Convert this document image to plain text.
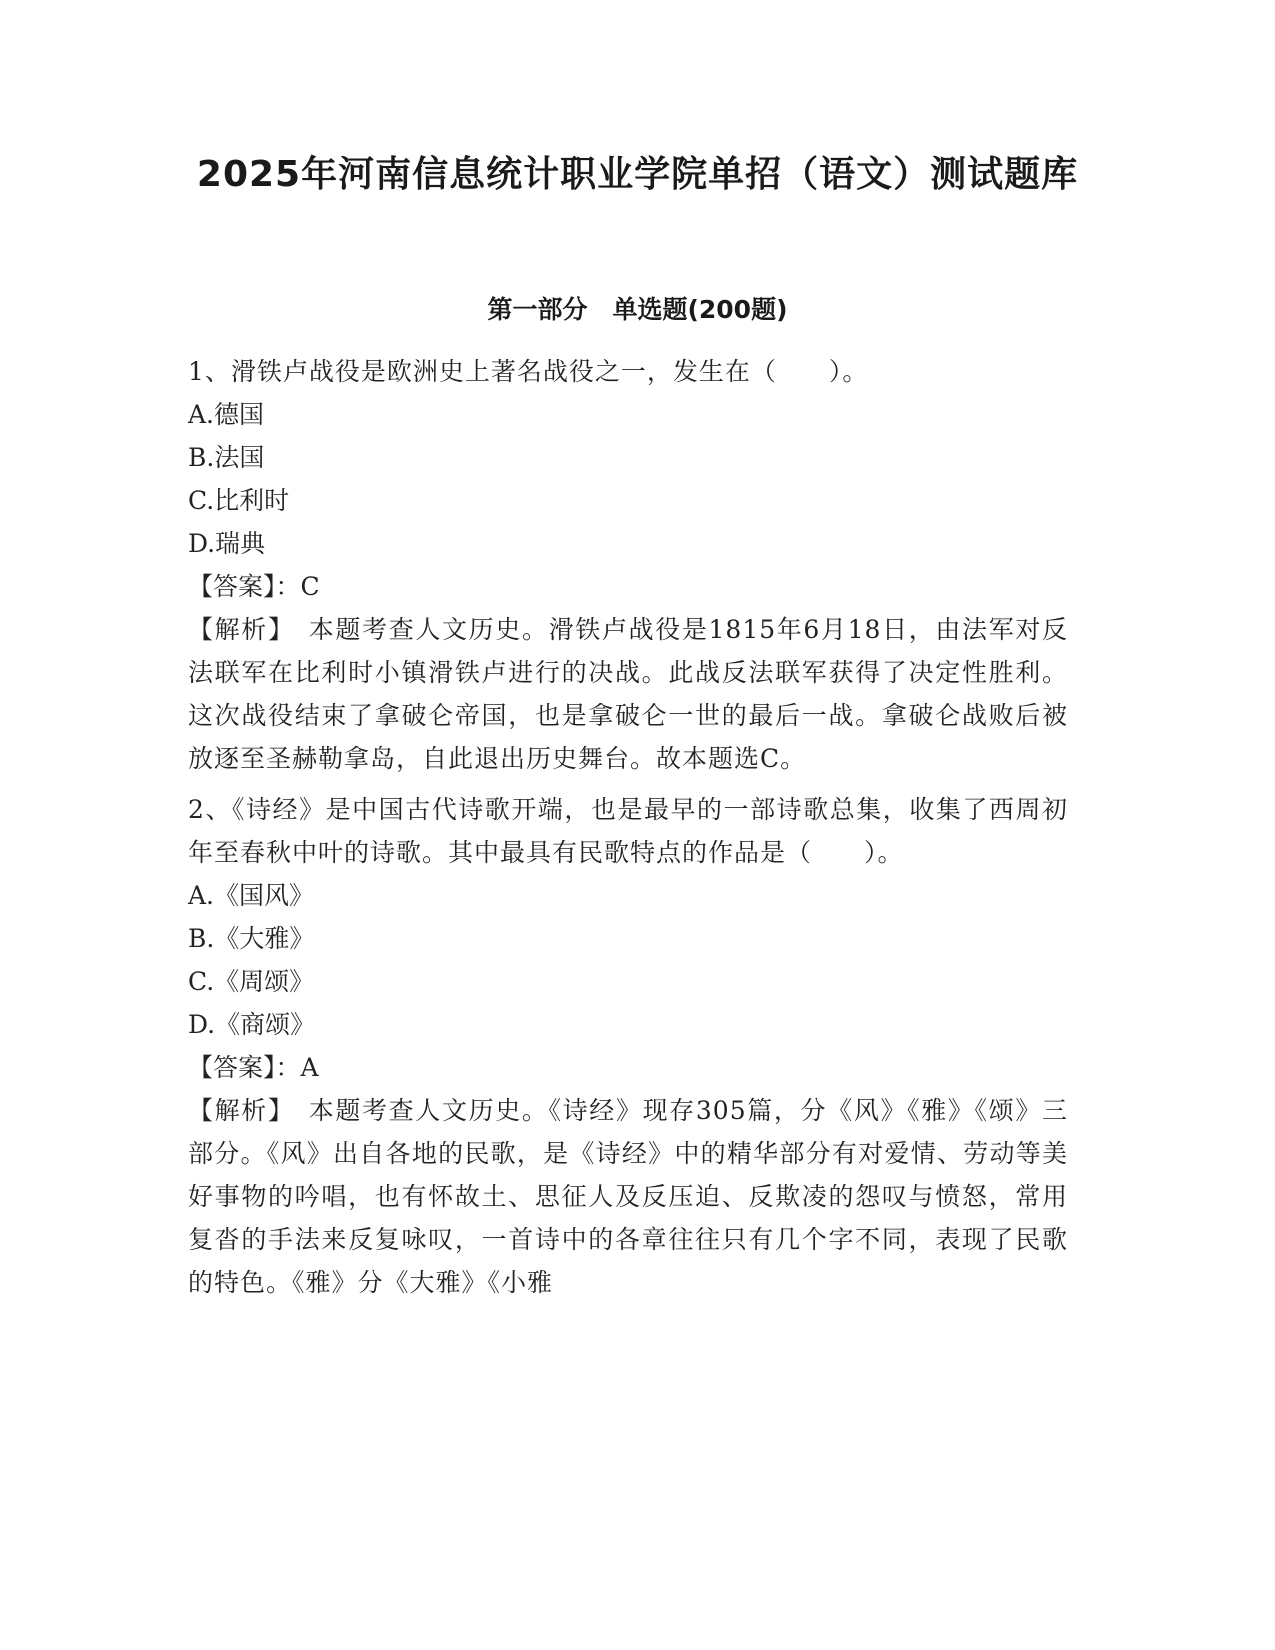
2025年河南信息统计职业学院单招（语文）测试题库
第一部分　单选题(200题)

1、滑铁卢战役是欧洲史上著名战役之一，发生在（　　）。

A.德国

B.法国

C.比利时

D.瑞典

【答案】：C

【解析】　本题考查人文历史。滑铁卢战役是1815年6月18日，由法军对反法联军在比利时小镇滑铁卢进行的决战。此战反法联军获得了决定性胜利。这次战役结束了拿破仑帝国，也是拿破仑一世的最后一战。拿破仑战败后被放逐至圣赫勒拿岛，自此退出历史舞台。故本题选C。

2、《诗经》是中国古代诗歌开端，也是最早的一部诗歌总集，收集了西周初年至春秋中叶的诗歌。其中最具有民歌特点的作品是（　　）。

A.《国风》

B.《大雅》

C.《周颂》

D.《商颂》

【答案】：A

【解析】　本题考查人文历史。《诗经》现存305篇，分《风》《雅》《颂》三部分。《风》出自各地的民歌，是《诗经》中的精华部分有对爱情、劳动等美好事物的吟唱，也有怀故土、思征人及反压迫、反欺凌的怨叹与愤怒，常用复沓的手法来反复咏叹，一首诗中的各章往往只有几个字不同，表现了民歌的特色。《雅》分《大雅》《小雅
